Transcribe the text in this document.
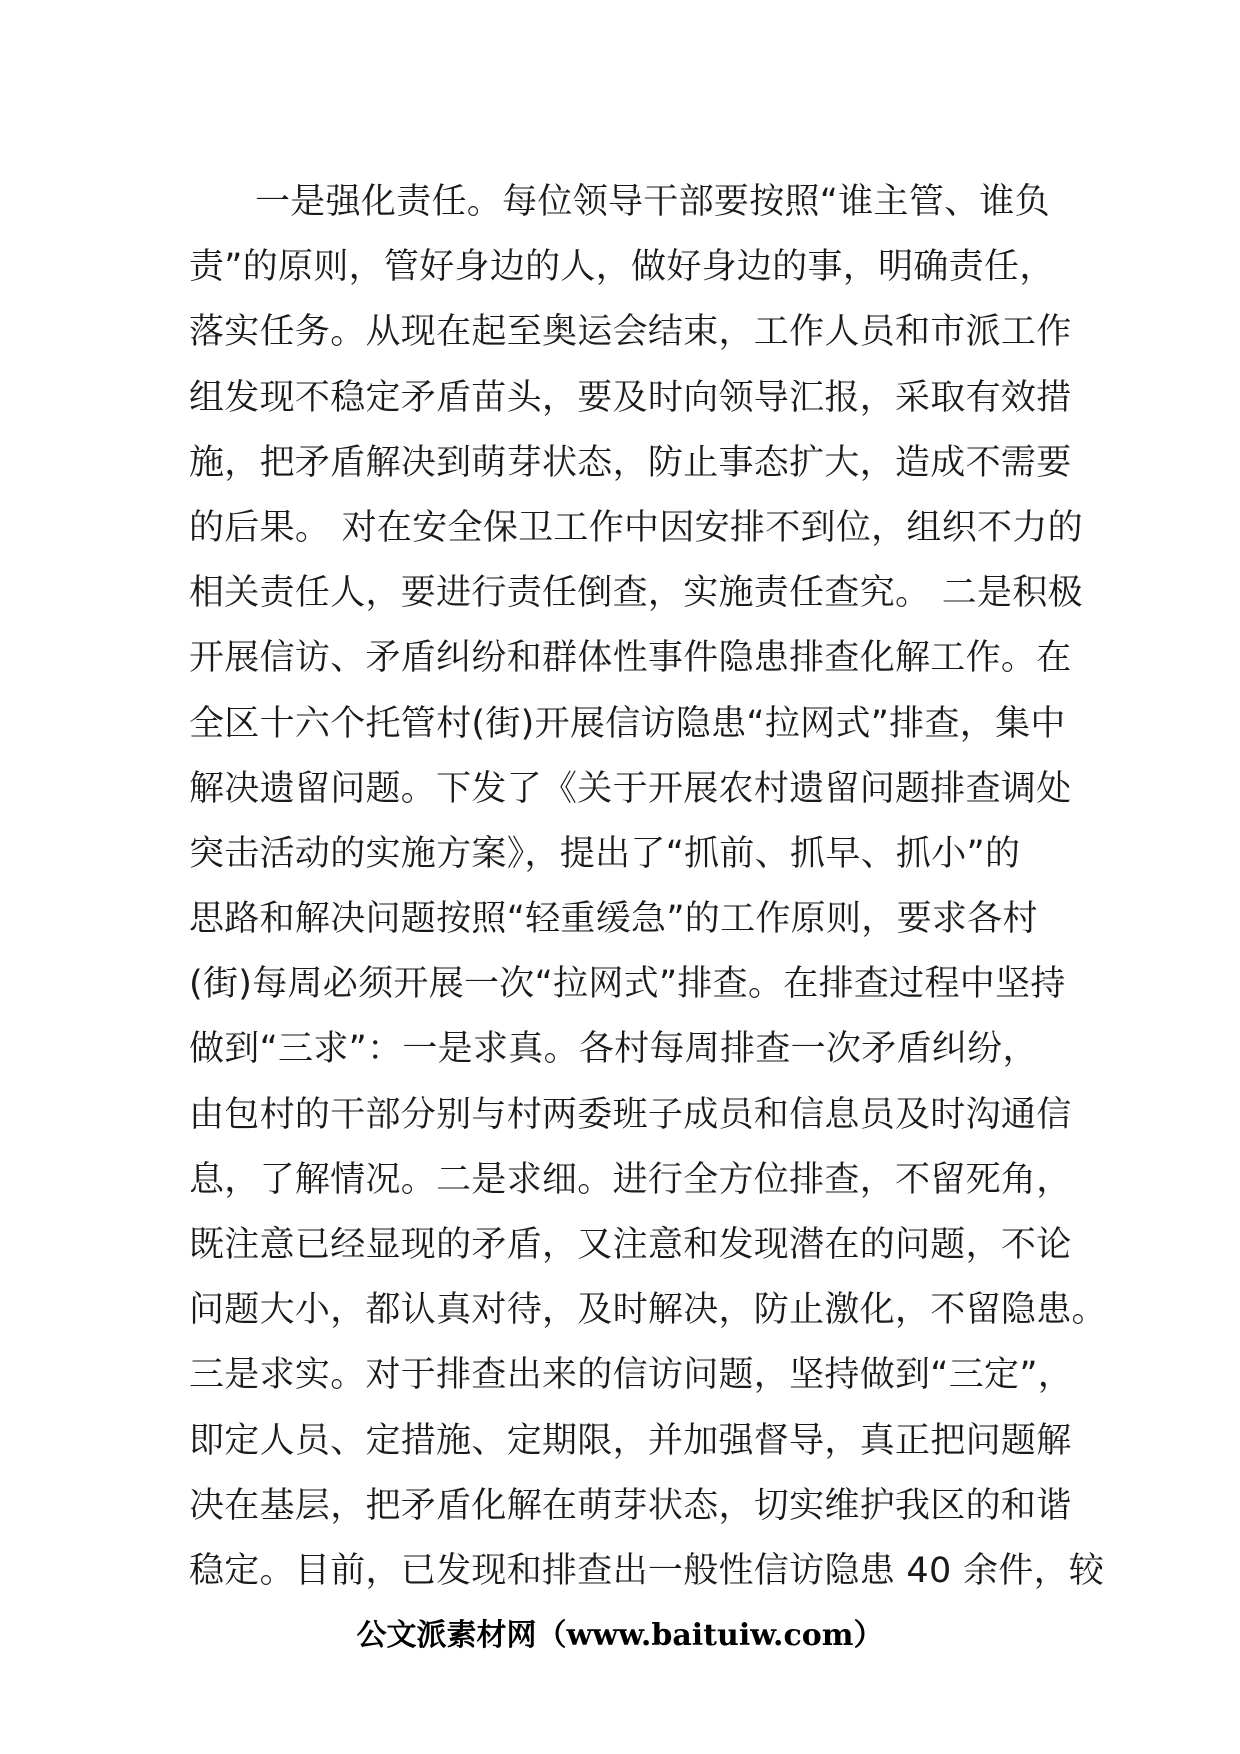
一是强化责任。每位领导干部要按照“谁主管、谁负
责”的原则，管好身边的人，做好身边的事，明确责任，
落实任务。从现在起至奥运会结束，工作人员和市派工作
组发现不稳定矛盾苗头，要及时向领导汇报，采取有效措
施，把矛盾解决到萌芽状态，防止事态扩大，造成不需要
的后果。 对在安全保卫工作中因安排不到位，组织不力的
相关责任人，要进行责任倒查，实施责任查究。 二是积极
开展信访、矛盾纠纷和群体性事件隐患排查化解工作。在
全区十六个托管村(街)开展信访隐患“拉网式”排查，集中
解决遗留问题。下发了《关于开展农村遗留问题排查调处
突击活动的实施方案》，提出了“抓前、抓早、抓小”的
思路和解决问题按照“轻重缓急”的工作原则，要求各村
(街)每周必须开展一次“拉网式”排查。在排查过程中坚持
做到“三求”：一是求真。各村每周排查一次矛盾纠纷，
由包村的干部分别与村两委班子成员和信息员及时沟通信
息，了解情况。二是求细。进行全方位排查，不留死角，
既注意已经显现的矛盾，又注意和发现潜在的问题，不论
问题大小，都认真对待，及时解决，防止激化，不留隐患。
三是求实。对于排查出来的信访问题，坚持做到“三定”，
即定人员、定措施、定期限，并加强督导，真正把问题解
决在基层，把矛盾化解在萌芽状态，切实维护我区的和谐
稳定。目前，已发现和排查出一般性信访隐患 40 余件，较
公文派素材网（www.baituiw.com）
